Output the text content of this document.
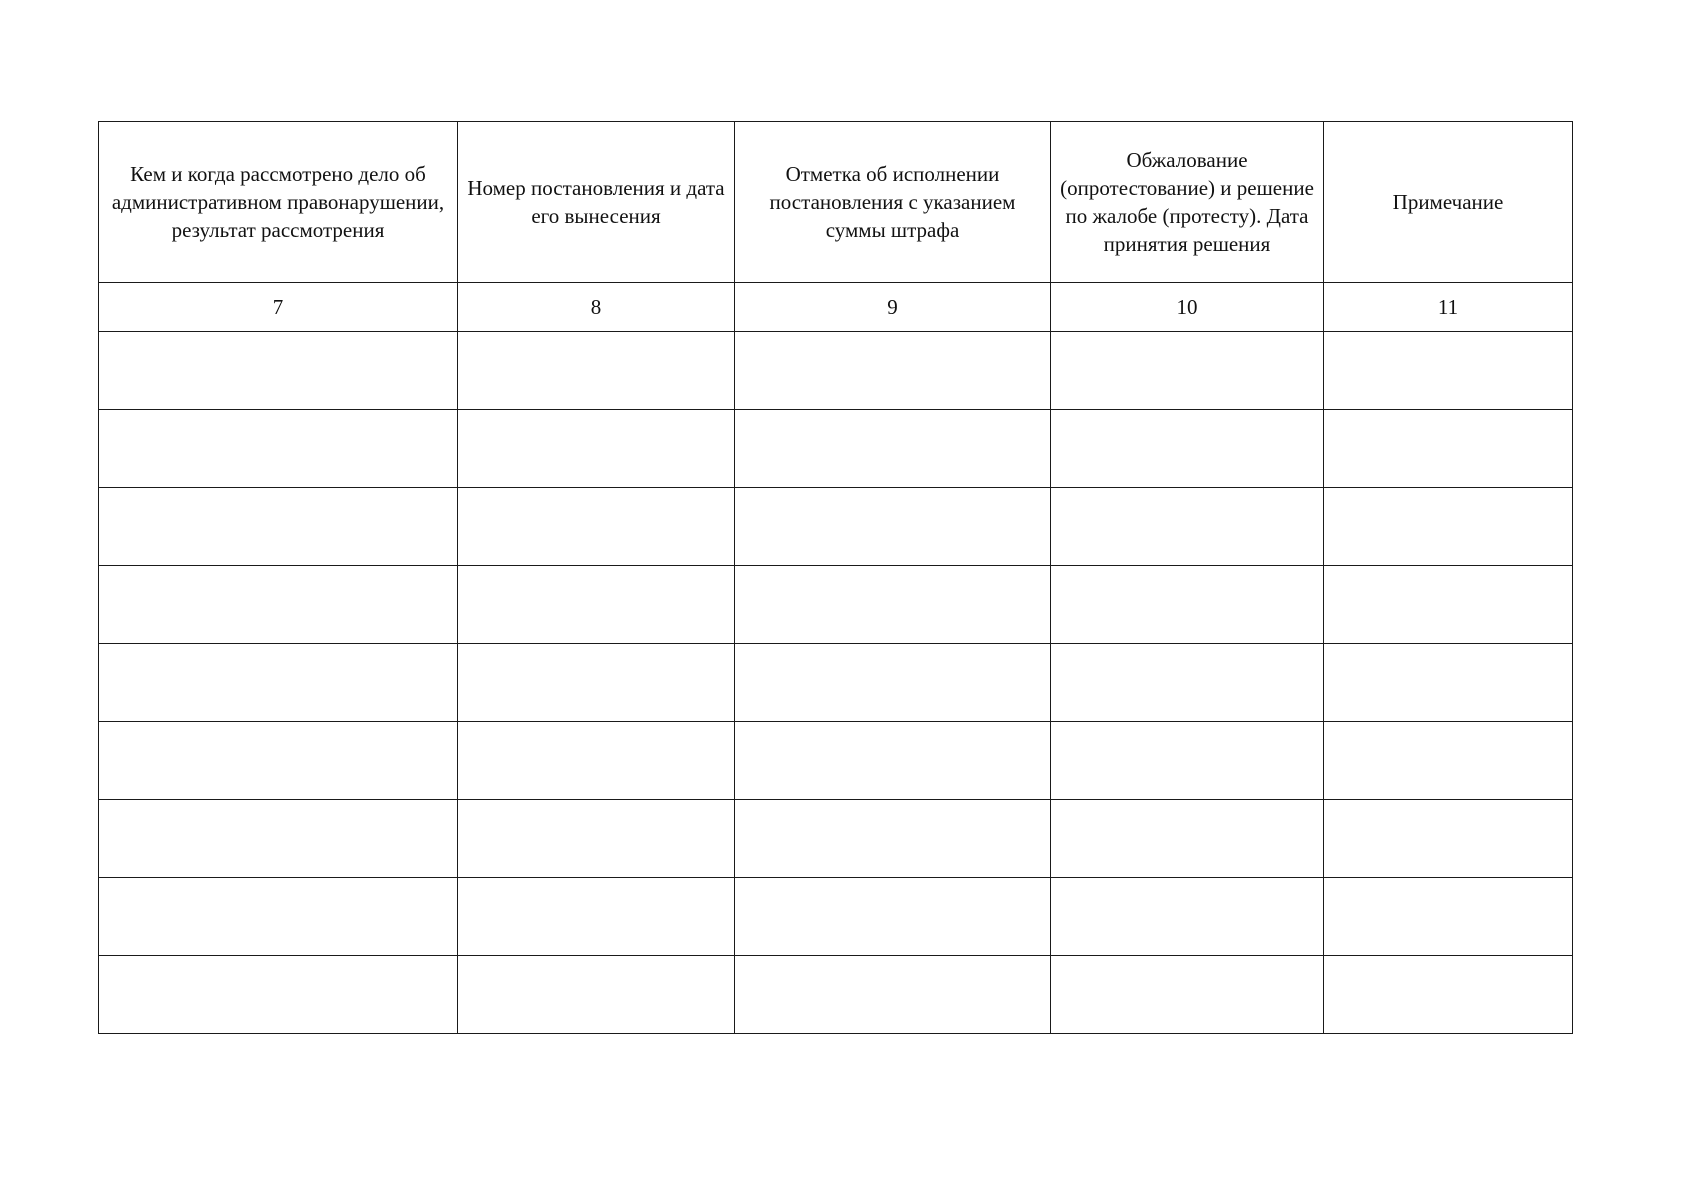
Кем и когда рассмотрено дело об административном правонарушении, результат рассмотрения	Номер постановления и дата его вынесения	Отметка об исполнении постановления с указанием суммы штрафа	Обжалование (опротестование) и решение по жалобе (протесту). Дата принятия решения	Примечание
7	8	9	10	11
